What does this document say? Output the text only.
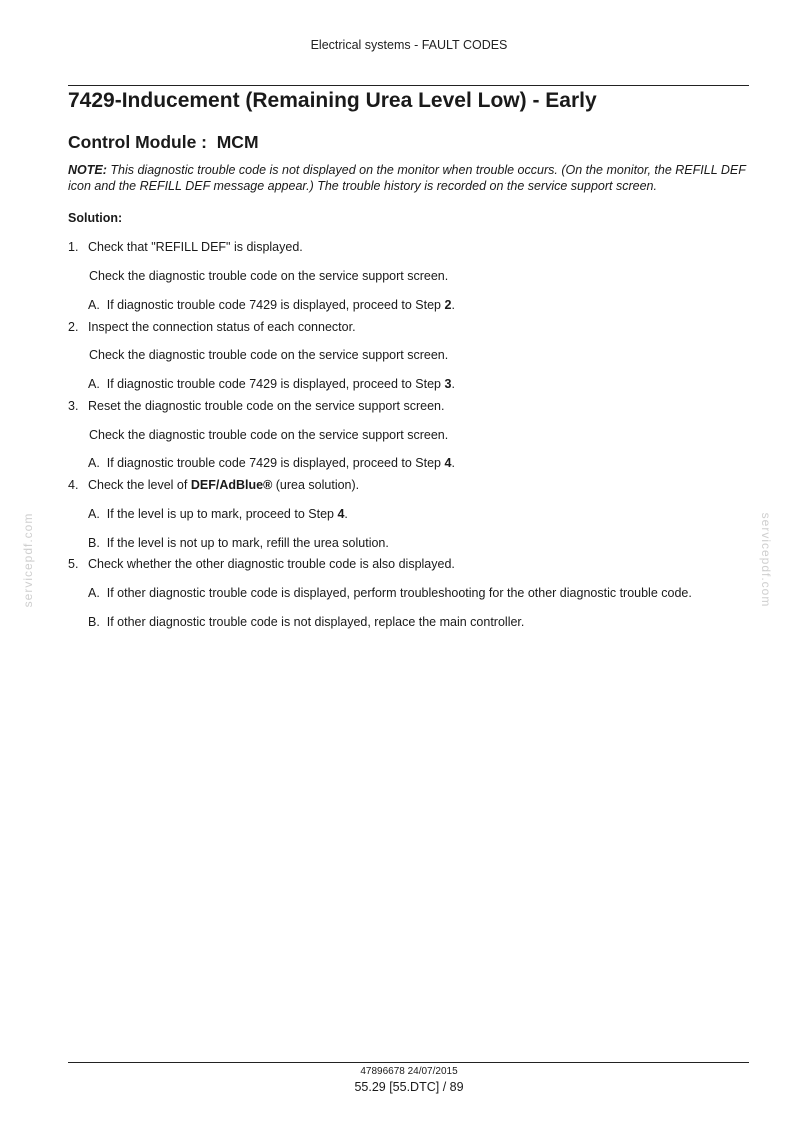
Electrical systems - FAULT CODES
7429-Inducement (Remaining Urea Level Low) - Early
Control Module :  MCM

NOTE: This diagnostic trouble code is not displayed on the monitor when trouble occurs. (On the monitor, the REFILL DEF icon and the REFILL DEF message appear.) The trouble history is recorded on the service support screen.

Solution:

1. Check that "REFILL DEF" is displayed.
Check the diagnostic trouble code on the service support screen.
A. If diagnostic trouble code 7429 is displayed, proceed to Step 2.
2. Inspect the connection status of each connector.
Check the diagnostic trouble code on the service support screen.
A. If diagnostic trouble code 7429 is displayed, proceed to Step 3.
3. Reset the diagnostic trouble code on the service support screen.
Check the diagnostic trouble code on the service support screen.
A. If diagnostic trouble code 7429 is displayed, proceed to Step 4.
4. Check the level of DEF/AdBlue® (urea solution).
A. If the level is up to mark, proceed to Step 4.
B. If the level is not up to mark, refill the urea solution.
5. Check whether the other diagnostic trouble code is also displayed.
A. If other diagnostic trouble code is displayed, perform troubleshooting for the other diagnostic trouble code.
B. If other diagnostic trouble code is not displayed, replace the main controller.
servicepdf.com	servicepdf.com
47896678 24/07/2015
55.29 [55.DTC] / 89
